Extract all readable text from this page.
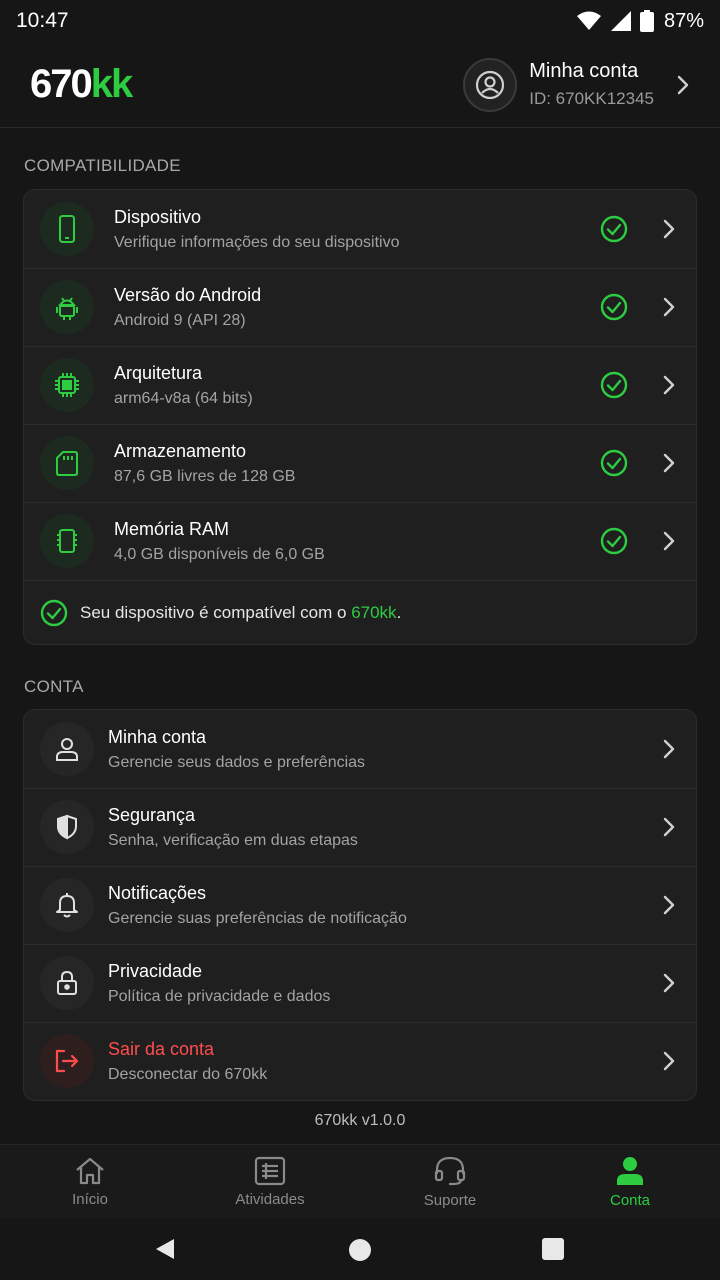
10:47	87%
670kk	Minha conta
ID: 670KK12345
COMPATIBILIDADE
Dispositivo
Verifique informações do seu dispositivo
Versão do Android
Android 9 (API 28)
Arquitetura
arm64-v8a (64 bits)
Armazenamento
87,6 GB livres de 128 GB
Memória RAM
4,0 GB disponíveis de 6,0 GB
Seu dispositivo é compatível com o 670kk.
CONTA
Minha conta
Gerencie seus dados e preferências
Segurança
Senha, verificação em duas etapas
Notificações
Gerencie suas preferências de notificação
Privacidade
Política de privacidade e dados
Sair da conta
Desconectar do 670kk
670kk v1.0.0
Início	Atividades	Suporte	Conta
